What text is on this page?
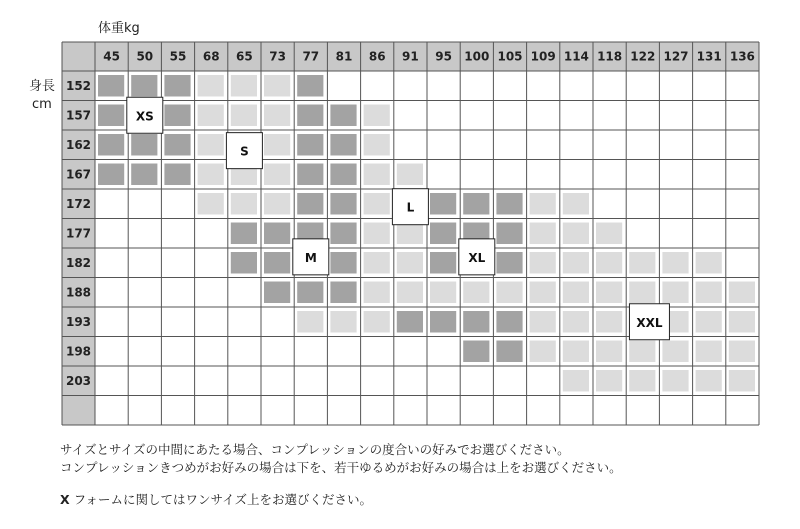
体重kg
身長
cm
45 50 55 68 65 73 77 81 86 91 95 100 105 109 114 118 122 127 131 136
152
157
162
167
172
177
182
188
193
198
203
XS
S
L
M	XL
XXL
サイズとサイズの中間にあたる場合、コンプレッションの度合いの好みでお選びください。
コンプレッションきつめがお好みの場合は下を、若干ゆるめがお好みの場合は上をお選びください。
X フォームに関してはワンサイズ上をお選びください。
